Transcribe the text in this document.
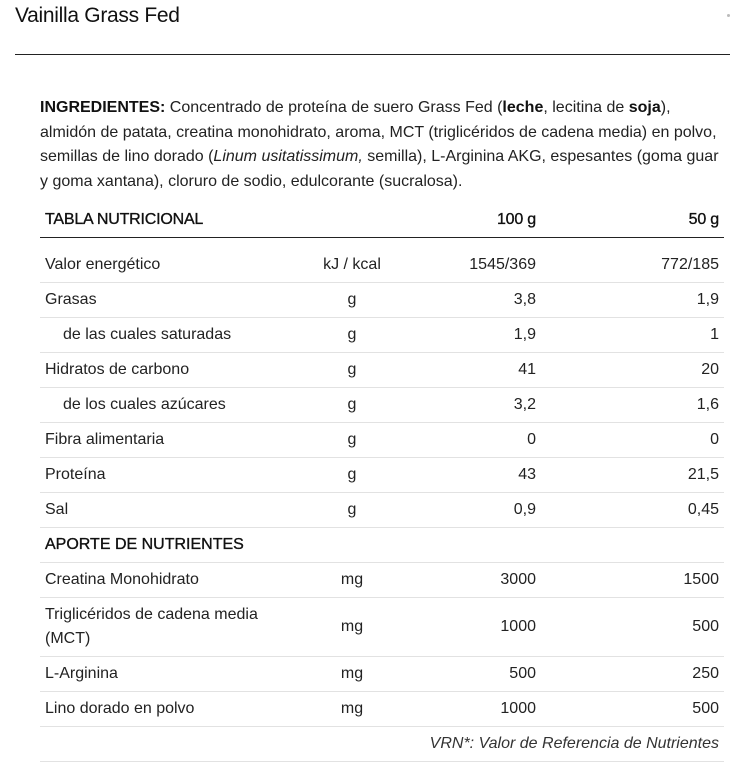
Vainilla Grass Fed
INGREDIENTES: Concentrado de proteína de suero Grass Fed (leche, lecitina de soja), almidón de patata, creatina monohidrato, aroma, MCT (triglicéridos de cadena media) en polvo, semillas de lino dorado (Linum usitatissimum, semilla), L-Arginina AKG, espesantes (goma guar y goma xantana), cloruro de sodio, edulcorante (sucralosa).
TABLA NUTRICIONAL	100 g	50 g
Valor energético	kJ / kcal	1545/369	772/185
Grasas	g	3,8	1,9
de las cuales saturadas	g	1,9	1
Hidratos de carbono	g	41	20
de los cuales azúcares	g	3,2	1,6
Fibra alimentaria	g	0	0
Proteína	g	43	21,5
Sal	g	0,9	0,45
APORTE DE NUTRIENTES
Creatina Monohidrato	mg	3000	1500
Triglicéridos de cadena media (MCT)
mg	1000	500
L-Arginina	mg	500	250
Lino dorado en polvo	mg	1000	500
VRN*: Valor de Referencia de Nutrientes
